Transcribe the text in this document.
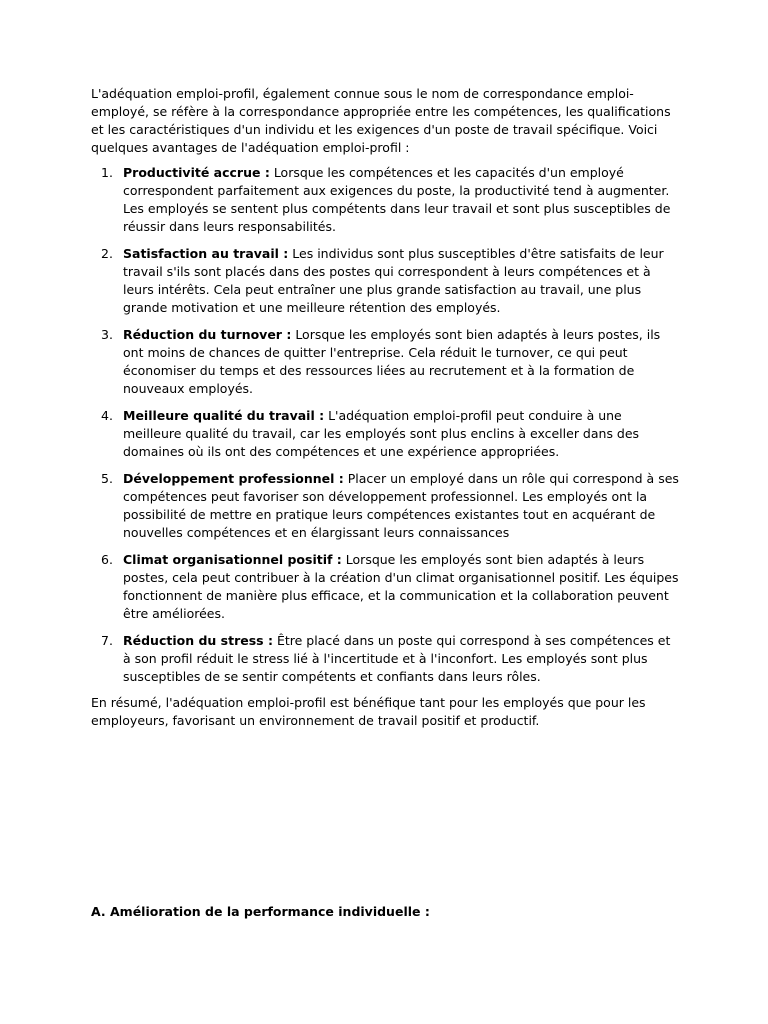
L'adéquation emploi-profil, également connue sous le nom de correspondance emploi-employé, se réfère à la correspondance appropriée entre les compétences, les qualifications et les caractéristiques d'un individu et les exigences d'un poste de travail spécifique. Voici quelques avantages de l'adéquation emploi-profil :

1. Productivité accrue : Lorsque les compétences et les capacités d'un employé correspondent parfaitement aux exigences du poste, la productivité tend à augmenter. Les employés se sentent plus compétents dans leur travail et sont plus susceptibles de réussir dans leurs responsabilités.
2. Satisfaction au travail : Les individus sont plus susceptibles d'être satisfaits de leur travail s'ils sont placés dans des postes qui correspondent à leurs compétences et à leurs intérêts. Cela peut entraîner une plus grande satisfaction au travail, une plus grande motivation et une meilleure rétention des employés.
3. Réduction du turnover : Lorsque les employés sont bien adaptés à leurs postes, ils ont moins de chances de quitter l'entreprise. Cela réduit le turnover, ce qui peut économiser du temps et des ressources liées au recrutement et à la formation de nouveaux employés.
4. Meilleure qualité du travail : L'adéquation emploi-profil peut conduire à une meilleure qualité du travail, car les employés sont plus enclins à exceller dans des domaines où ils ont des compétences et une expérience appropriées.
5. Développement professionnel : Placer un employé dans un rôle qui correspond à ses compétences peut favoriser son développement professionnel. Les employés ont la possibilité de mettre en pratique leurs compétences existantes tout en acquérant de nouvelles compétences et en élargissant leurs connaissances
6. Climat organisationnel positif : Lorsque les employés sont bien adaptés à leurs postes, cela peut contribuer à la création d'un climat organisationnel positif. Les équipes fonctionnent de manière plus efficace, et la communication et la collaboration peuvent être améliorées.
7. Réduction du stress : Être placé dans un poste qui correspond à ses compétences et à son profil réduit le stress lié à l'incertitude et à l'inconfort. Les employés sont plus susceptibles de se sentir compétents et confiants dans leurs rôles.

En résumé, l'adéquation emploi-profil est bénéfique tant pour les employés que pour les employeurs, favorisant un environnement de travail positif et productif.

A. Amélioration de la performance individuelle :
